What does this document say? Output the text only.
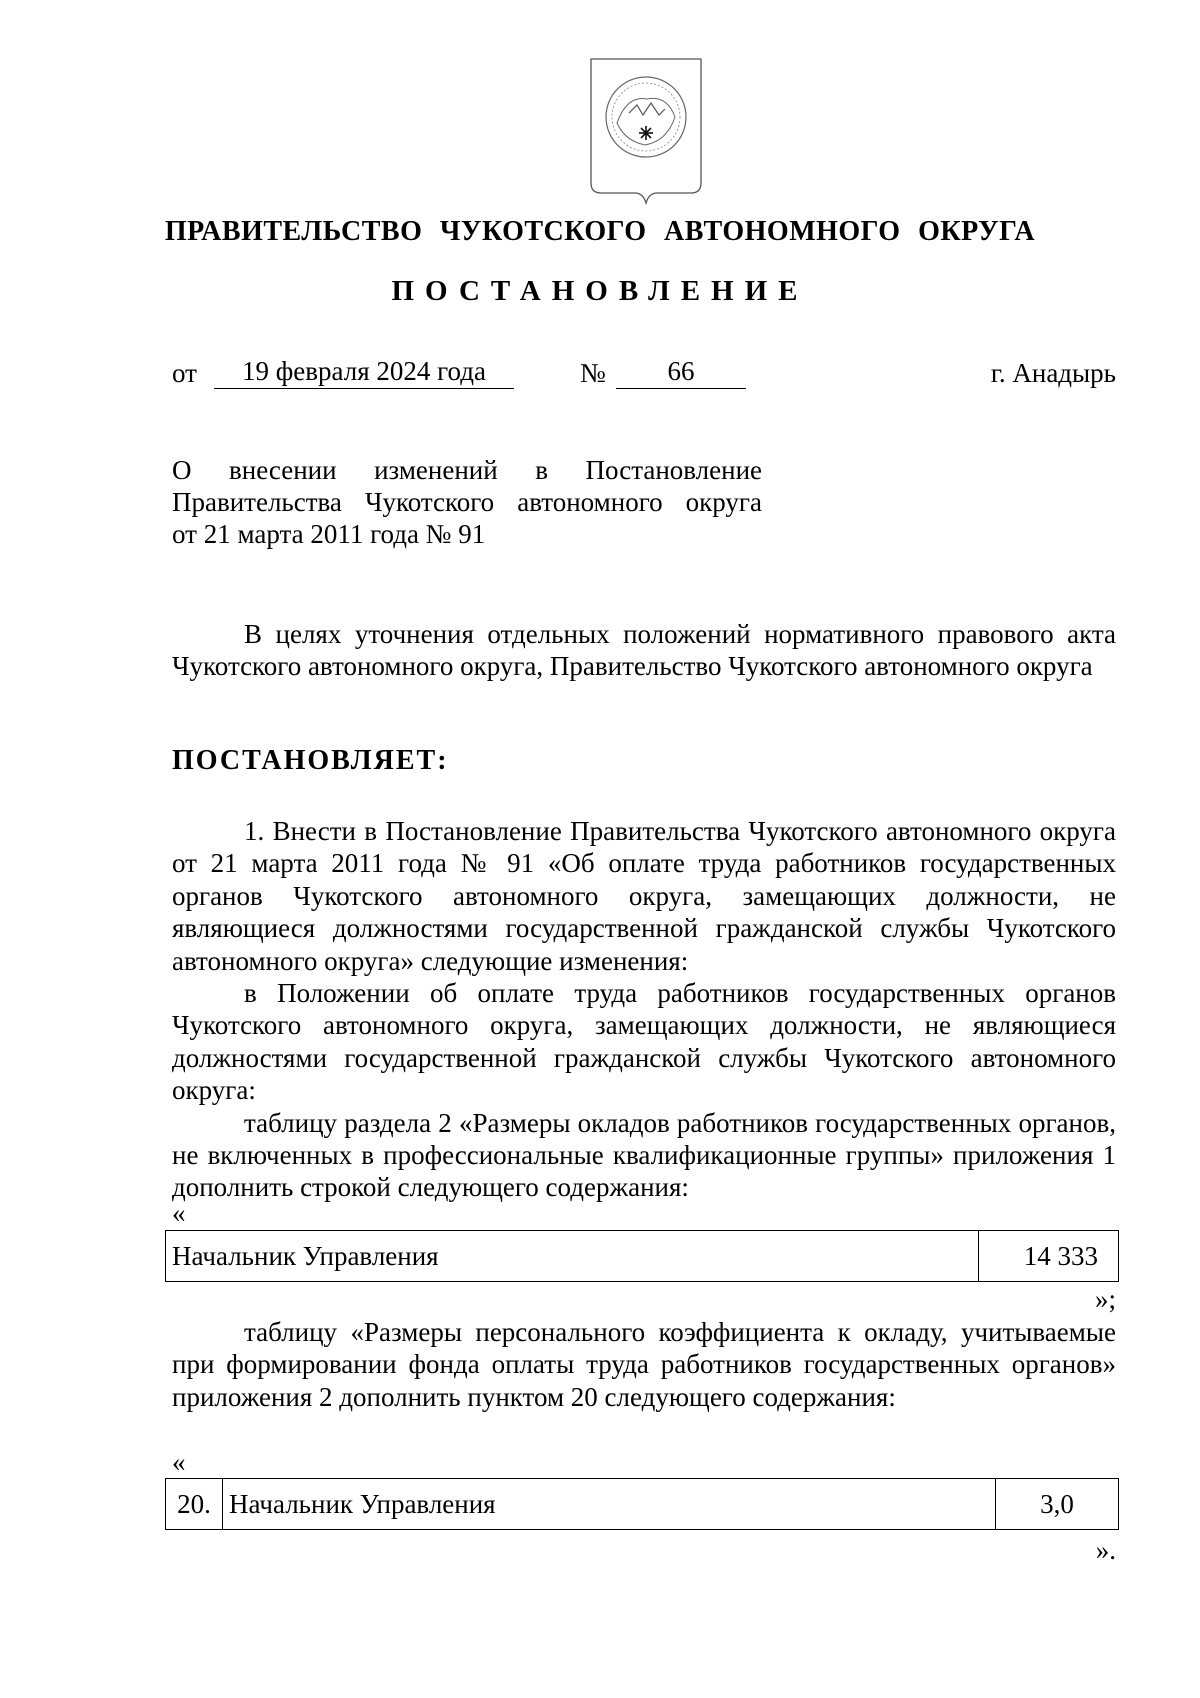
ПРАВИТЕЛЬСТВО ЧУКОТСКОГО АВТОНОМНОГО ОКРУГА
ПОСТАНОВЛЕНИЕ
от	19 февраля 2024 года	№	66	г. Анадырь
О внесении изменений в Постановление
Правительства Чукотского автономного округа
от 21 марта 2011 года № 91

В целях уточнения отдельных положений нормативного правового акта Чукотского автономного округа, Правительство Чукотского автономного округа

ПОСТАНОВЛЯЕТ:

1. Внести в Постановление Правительства Чукотского автономного округа от 21 марта 2011 года № 91 «Об оплате труда работников государственных органов Чукотского автономного округа, замещающих должности, не являющиеся должностями государственной гражданской службы Чукотского автономного округа» следующие изменения:

в Положении об оплате труда работников государственных органов Чукотского автономного округа, замещающих должности, не являющиеся должностями государственной гражданской службы Чукотского автономного округа:

таблицу раздела 2 «Размеры окладов работников государственных органов, не включенных в профессиональные квалификационные группы» приложения 1 дополнить строкой следующего содержания:

«
Начальник Управления	14 333
»;

таблицу «Размеры персонального коэффициента к окладу, учитываемые при формировании фонда оплаты труда работников государственных органов» приложения 2 дополнить пунктом 20 следующего содержания:

«
20.	Начальник Управления	3,0
».
